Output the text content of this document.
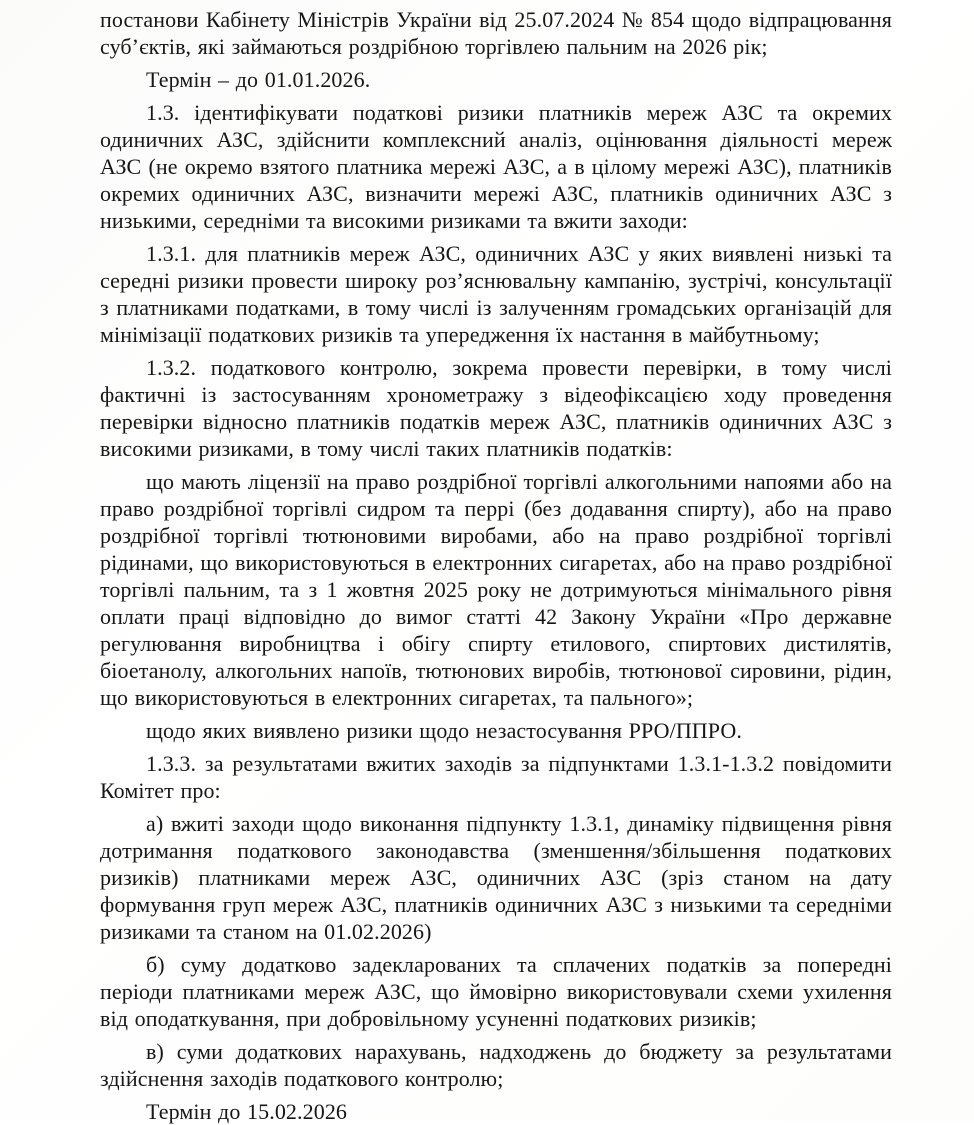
постанови Кабінету Міністрів України від 25.07.2024 № 854 щодо відпрацювання суб’єктів, які займаються роздрібною торгівлею пальним на 2026 рік;

Термін – до 01.01.2026.

1.3. ідентифікувати податкові ризики платників мереж АЗС та окремих одиничних АЗС, здійснити комплексний аналіз, оцінювання діяльності мереж АЗС (не окремо взятого платника мережі АЗС, а в цілому мережі АЗС), платників окремих одиничних АЗС, визначити мережі АЗС, платників одиничних АЗС з низькими, середніми та високими ризиками та вжити заходи:

1.3.1. для платників мереж АЗС, одиничних АЗС у яких виявлені низькі та середні ризики провести широку роз’яснювальну кампанію, зустрічі, консультації з платниками податками, в тому числі із залученням громадських організацій для мінімізації податкових ризиків та упередження їх настання в майбутньому;

1.3.2. податкового контролю, зокрема провести перевірки, в тому числі фактичні із застосуванням хронометражу з відеофіксацією ходу проведення перевірки відносно платників податків мереж АЗС, платників одиничних АЗС з високими ризиками, в тому числі таких платників податків:

що мають ліцензії на право роздрібної торгівлі алкогольними напоями або на право роздрібної торгівлі сидром та перрі (без додавання спирту), або на право роздрібної торгівлі тютюновими виробами, або на право роздрібної торгівлі рідинами, що використовуються в електронних сигаретах, або на право роздрібної торгівлі пальним, та з 1 жовтня 2025 року не дотримуються мінімального рівня оплати праці відповідно до вимог статті 42 Закону України «Про державне регулювання виробництва і обігу спирту етилового, спиртових дистилятів, біоетанолу, алкогольних напоїв, тютюнових виробів, тютюнової сировини, рідин, що використовуються в електронних сигаретах, та пального»;

щодо яких виявлено ризики щодо незастосування РРО/ППРО.

1.3.3. за результатами вжитих заходів за підпунктами 1.3.1-1.3.2 повідомити Комітет про:

а) вжиті заходи щодо виконання підпункту 1.3.1, динаміку підвищення рівня дотримання податкового законодавства (зменшення/збільшення податкових ризиків) платниками мереж АЗС, одиничних АЗС (зріз станом на дату формування груп мереж АЗС, платників одиничних АЗС з низькими та середніми ризиками та станом на 01.02.2026)

б) суму додатково задекларованих та сплачених податків за попередні періоди платниками мереж АЗС, що ймовірно використовували схеми ухилення від оподаткування, при добровільному усуненні податкових ризиків;

в) суми додаткових нарахувань, надходжень до бюджету за результатами здійснення заходів податкового контролю;

Термін до 15.02.2026
